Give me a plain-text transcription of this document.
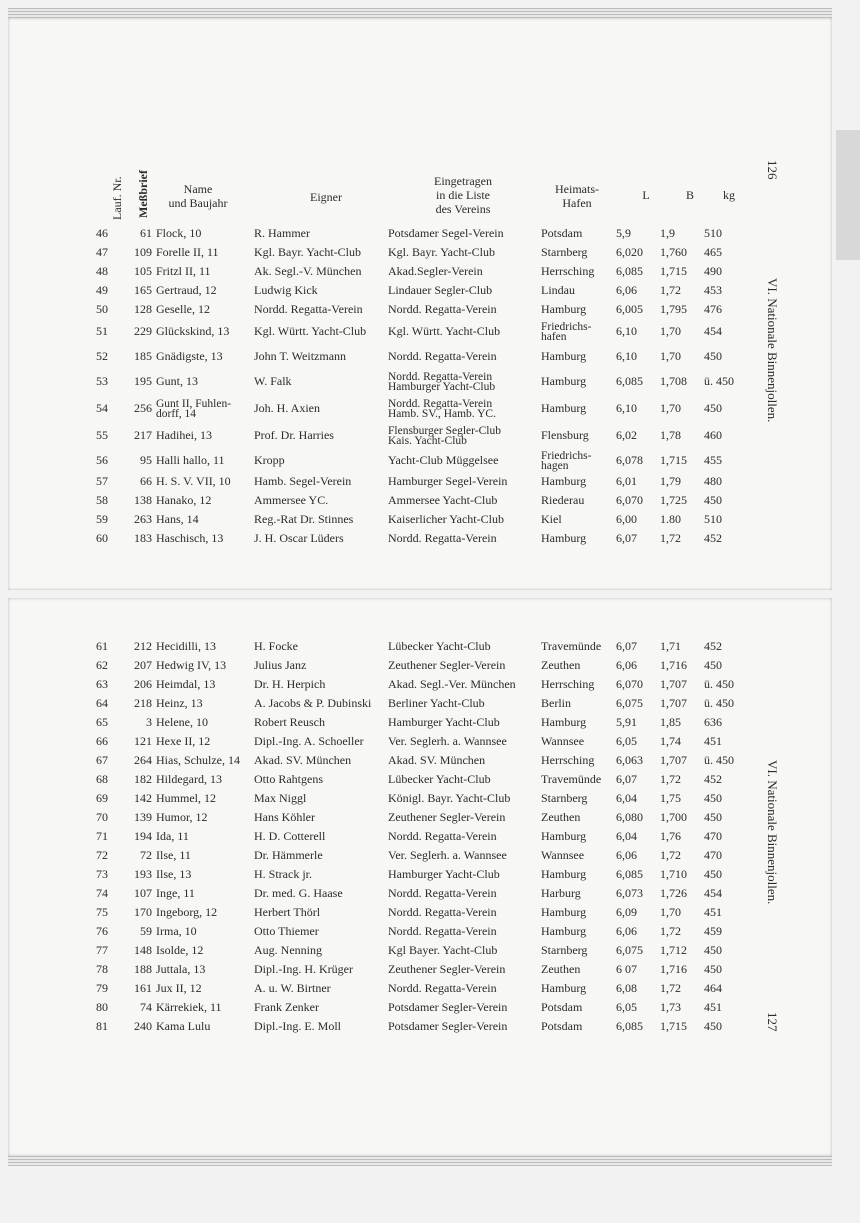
Lauf. Nr. Meßbrief	Name
und Baujahr	Eigner
Eingetragen
in die Liste
des Vereins
Heimats-
Hafen
L	B	kg
126
VI. Nationale Binnenjollen.
VI. Nationale Binnenjollen.
127
46	61 Flock, 10	R. Hammer	Potsdamer Segel-Verein	Potsdam	5,9	1,9	510
47	109 Forelle II, 11	Kgl. Bayr. Yacht-Club	Kgl. Bayr. Yacht-Club	Starnberg	6,020	1,760	465
48	105 Fritzl II, 11	Ak. Segl.-V. München	Akad.Segler-Verein	Herrsching	6,085	1,715	490
49	165 Gertraud, 12	Ludwig Kick	Lindauer Segler-Club	Lindau	6,06	1,72	453
50	128 Geselle, 12	Nordd. Regatta-Verein	Nordd. Regatta-Verein	Hamburg	6,005	1,795	476
51	229 Glückskind, 13	Kgl. Württ. Yacht-Club	Kgl. Württ. Yacht-Club	Friedrichs-
hafen	6,10	1,70	454
52	185 Gnädigste, 13	John T. Weitzmann	Nordd. Regatta-Verein	Hamburg	6,10	1,70	450
53	195 Gunt, 13	W. Falk	Nordd. Regatta-Verein
Hamburger Yacht-Club	Hamburg	6,085	1,708	ü. 450
54	256 Gunt II, Fuhlen-
dorff, 14	Joh. H. Axien	Nordd. Regatta-Verein
Hamb. SV., Hamb. YC.	Hamburg	6,10	1,70	450
55	217 Hadihei, 13	Prof. Dr. Harries	Flensburger Segler-Club
Kais. Yacht-Club	Flensburg	6,02	1,78	460
56	95 Halli hallo, 11	Kropp	Yacht-Club Müggelsee	Friedrichs-
hagen	6,078	1,715	455
57	66 H. S. V. VII, 10	Hamb. Segel-Verein	Hamburger Segel-Verein	Hamburg	6,01	1,79	480
58	138 Hanako, 12	Ammersee YC.	Ammersee Yacht-Club	Riederau	6,070	1,725	450
59	263 Hans, 14	Reg.-Rat Dr. Stinnes	Kaiserlicher Yacht-Club	Kiel	6,00	1.80	510
60	183 Haschisch, 13	J. H. Oscar Lüders	Nordd. Regatta-Verein	Hamburg	6,07	1,72	452
61	212 Hecidilli, 13	H. Focke	Lübecker Yacht-Club	Travemünde	6,07	1,71	452
62	207 Hedwig IV, 13	Julius Janz	Zeuthener Segler-Verein	Zeuthen	6,06	1,716	450
63	206 Heimdal, 13	Dr. H. Herpich	Akad. Segl.-Ver. München	Herrsching	6,070	1,707	ü. 450
64	218 Heinz, 13	A. Jacobs & P. Dubinski	Berliner Yacht-Club	Berlin	6,075	1,707	ü. 450
65	3 Helene, 10	Robert Reusch	Hamburger Yacht-Club	Hamburg	5,91	1,85	636
66	121 Hexe II, 12	Dipl.-Ing. A. Schoeller	Ver. Seglerh. a. Wannsee	Wannsee	6,05	1,74	451
67	264 Hias, Schulze, 14	Akad. SV. München	Akad. SV. München	Herrsching	6,063	1,707	ü. 450
68	182 Hildegard, 13	Otto Rahtgens	Lübecker Yacht-Club	Travemünde	6,07	1,72	452
69	142 Hummel, 12	Max Niggl	Königl. Bayr. Yacht-Club	Starnberg	6,04	1,75	450
70	139 Humor, 12	Hans Köhler	Zeuthener Segler-Verein	Zeuthen	6,080	1,700	450
71	194 Ida, 11	H. D. Cotterell	Nordd. Regatta-Verein	Hamburg	6,04	1,76	470
72	72 Ilse, 11	Dr. Hämmerle	Ver. Seglerh. a. Wannsee	Wannsee	6,06	1,72	470
73	193 Ilse, 13	H. Strack jr.	Hamburger Yacht-Club	Hamburg	6,085	1,710	450
74	107 Inge, 11	Dr. med. G. Haase	Nordd. Regatta-Verein	Harburg	6,073	1,726	454
75	170 Ingeborg, 12	Herbert Thörl	Nordd. Regatta-Verein	Hamburg	6,09	1,70	451
76	59 Irma, 10	Otto Thiemer	Nordd. Regatta-Verein	Hamburg	6,06	1,72	459
77	148 Isolde, 12	Aug. Nenning	Kgl Bayer. Yacht-Club	Starnberg	6,075	1,712	450
78	188 Juttala, 13	Dipl.-Ing. H. Krüger	Zeuthener Segler-Verein	Zeuthen	6 07	1,716	450
79	161 Jux II, 12	A. u. W. Birtner	Nordd. Regatta-Verein	Hamburg	6,08	1,72	464
80	74 Kärrekiek, 11	Frank Zenker	Potsdamer Segler-Verein	Potsdam	6,05	1,73	451
81	240 Kama Lulu	Dipl.-Ing. E. Moll	Potsdamer Segler-Verein	Potsdam	6,085	1,715	450
